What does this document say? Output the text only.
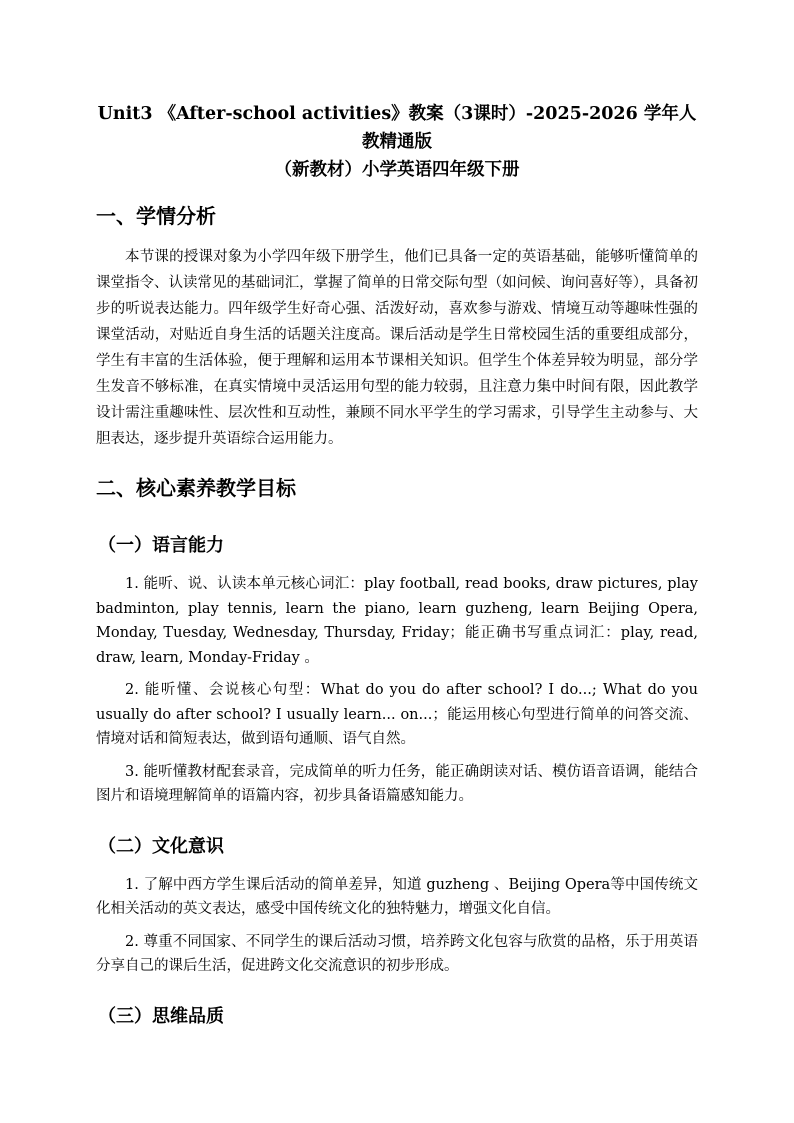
Unit3 《After-school activities》教案（3课时）-2025-2026 学年人教精通版
（新教材）小学英语四年级下册
一、学情分析

本节课的授课对象为小学四年级下册学生，他们已具备一定的英语基础，能够听懂简单的课堂指令、认读常见的基础词汇，掌握了简单的日常交际句型（如问候、询问喜好等），具备初步的听说表达能力。四年级学生好奇心强、活泼好动，喜欢参与游戏、情境互动等趣味性强的课堂活动，对贴近自身生活的话题关注度高。课后活动是学生日常校园生活的重要组成部分，学生有丰富的生活体验，便于理解和运用本节课相关知识。但学生个体差异较为明显，部分学生发音不够标准，在真实情境中灵活运用句型的能力较弱，且注意力集中时间有限，因此教学设计需注重趣味性、层次性和互动性，兼顾不同水平学生的学习需求，引导学生主动参与、大胆表达，逐步提升英语综合运用能力。

二、核心素养教学目标
（一）语言能力

1. 能听、说、认读本单元核心词汇：play football, read books, draw pictures, play badminton, play tennis, learn the piano, learn guzheng, learn Beijing Opera, Monday, Tuesday, Wednesday, Thursday, Friday；能正确书写重点词汇：play, read, draw, learn, Monday-Friday 。

2. 能听懂、会说核心句型：What do you do after school? I do...; What do you usually do after school? I usually learn... on...；能运用核心句型进行简单的问答交流、情境对话和简短表达，做到语句通顺、语气自然。

3. 能听懂教材配套录音，完成简单的听力任务，能正确朗读对话、模仿语音语调，能结合图片和语境理解简单的语篇内容，初步具备语篇感知能力。

（二）文化意识

1. 了解中西方学生课后活动的简单差异，知道 guzheng 、Beijing Opera等中国传统文化相关活动的英文表达，感受中国传统文化的独特魅力，增强文化自信。

2. 尊重不同国家、不同学生的课后活动习惯，培养跨文化包容与欣赏的品格，乐于用英语分享自己的课后生活，促进跨文化交流意识的初步形成。

（三）思维品质
